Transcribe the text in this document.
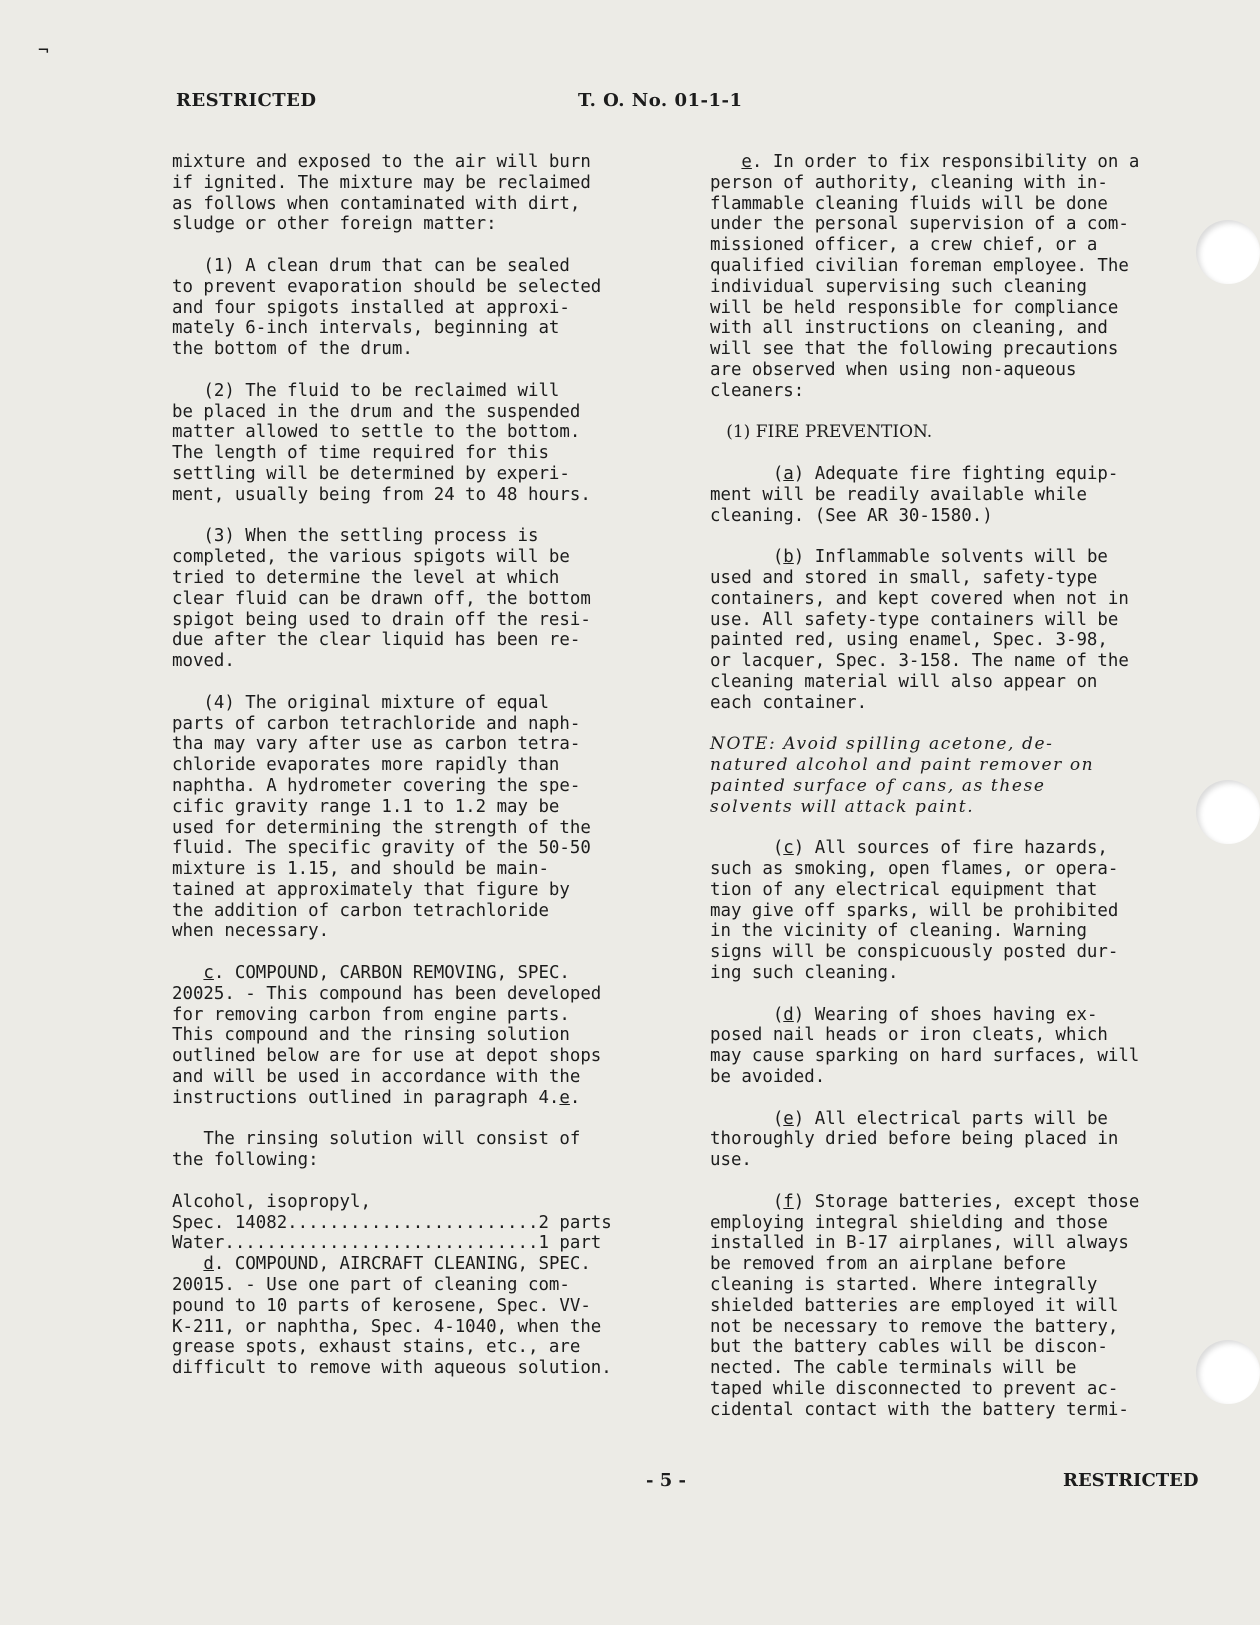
¬
RESTRICTED	T. O. No. 01-1-1
mixture and exposed to the air will burn
if ignited. The mixture may be reclaimed
as follows when contaminated with dirt,
sludge or other foreign matter:
(1) A clean drum that can be sealed
to prevent evaporation should be selected
and four spigots installed at approxi-
mately 6-inch intervals, beginning at
the bottom of the drum.
(2) The fluid to be reclaimed will
be placed in the drum and the suspended
matter allowed to settle to the bottom.
The length of time required for this
settling will be determined by experi-
ment, usually being from 24 to 48 hours.
(3) When the settling process is
completed, the various spigots will be
tried to determine the level at which
clear fluid can be drawn off, the bottom
spigot being used to drain off the resi-
due after the clear liquid has been re-
moved.
(4) The original mixture of equal
parts of carbon tetrachloride and naph-
tha may vary after use as carbon tetra-
chloride evaporates more rapidly than
naphtha. A hydrometer covering the spe-
cific gravity range 1.1 to 1.2 may be
used for determining the strength of the
fluid. The specific gravity of the 50-50
mixture is 1.15, and should be main-
tained at approximately that figure by
the addition of carbon tetrachloride
when necessary.
c. COMPOUND, CARBON REMOVING, SPEC.
20025. - This compound has been developed
for removing carbon from engine parts.
This compound and the rinsing solution
outlined below are for use at depot shops
and will be used in accordance with the
instructions outlined in paragraph 4.e.
The rinsing solution will consist of
the following:
Alcohol, isopropyl,
Spec. 14082........................2 parts
Water..............................1 part
d. COMPOUND, AIRCRAFT CLEANING, SPEC.
20015. - Use one part of cleaning com-
pound to 10 parts of kerosene, Spec. VV-
K-211, or naphtha, Spec. 4-1040, when the
grease spots, exhaust stains, etc., are
difficult to remove with aqueous solution.
e. In order to fix responsibility on a
person of authority, cleaning with in-
flammable cleaning fluids will be done
under the personal supervision of a com-
missioned officer, a crew chief, or a
qualified civilian foreman employee. The
individual supervising such cleaning
will be held responsible for compliance
with all instructions on cleaning, and
will see that the following precautions
are observed when using non-aqueous
cleaners:
(1) FIRE PREVENTION.
(a) Adequate fire fighting equip-
ment will be readily available while
cleaning. (See AR 30-1580.)
(b) Inflammable solvents will be
used and stored in small, safety-type
containers, and kept covered when not in
use. All safety-type containers will be
painted red, using enamel, Spec. 3-98,
or lacquer, Spec. 3-158. The name of the
cleaning material will also appear on
each container.
NOTE: Avoid spilling acetone, de-
natured alcohol and paint remover on
painted surface of cans, as these
solvents will attack paint.
(c) All sources of fire hazards,
such as smoking, open flames, or opera-
tion of any electrical equipment that
may give off sparks, will be prohibited
in the vicinity of cleaning. Warning
signs will be conspicuously posted dur-
ing such cleaning.
(d) Wearing of shoes having ex-
posed nail heads or iron cleats, which
may cause sparking on hard surfaces, will
be avoided.
(e) All electrical parts will be
thoroughly dried before being placed in
use.
(f) Storage batteries, except those
employing integral shielding and those
installed in B-17 airplanes, will always
be removed from an airplane before
cleaning is started. Where integrally
shielded batteries are employed it will
not be necessary to remove the battery,
but the battery cables will be discon-
nected. The cable terminals will be
taped while disconnected to prevent ac-
cidental contact with the battery termi-
- 5 -	RESTRICTED
